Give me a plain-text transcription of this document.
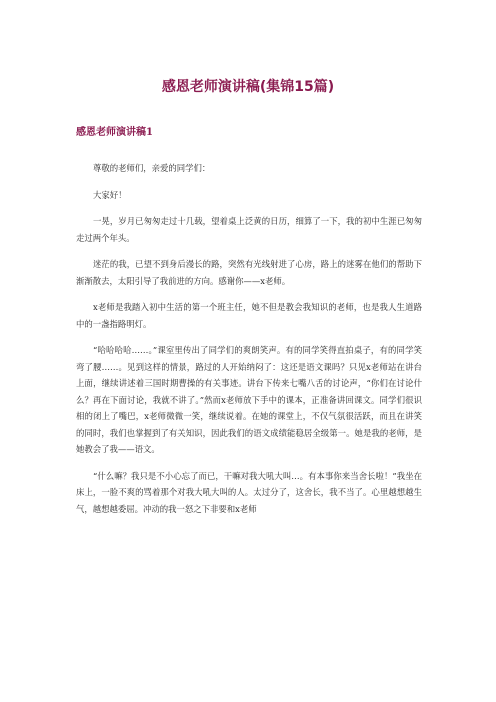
感恩老师演讲稿(集锦15篇)
感恩老师演讲稿1

尊敬的老师们，亲爱的同学们：

大家好！

一晃，岁月已匆匆走过十几载，望着桌上泛黄的日历，细算了一下，我的初中生涯已匆匆走过两个年头。

迷茫的我，已望不到身后漫长的路，突然有光线射进了心房，路上的迷雾在他们的帮助下渐渐散去，太阳引导了我前进的方向。感谢你——x老师。

x老师是我踏入初中生活的第一个班主任，她不但是教会我知识的老师，也是我人生道路中的一盏指路明灯。

“哈哈哈哈……。”课室里传出了同学们的爽朗笑声。有的同学笑得直拍桌子，有的同学笑弯了腰……。见到这样的情景，路过的人开始纳闷了：这还是语文课吗？只见x老师站在讲台上面，继续讲述着三国时期曹操的有关事迹。讲台下传来七嘴八舌的讨论声，“你们在讨论什么？再在下面讨论，我就不讲了。”然而x老师放下手中的课本，正准备讲回课文。同学们很识相的闭上了嘴巴，x老师微微一笑，继续说着。在她的课堂上，不仅气氛很活跃，而且在讲笑的同时，我们也掌握到了有关知识，因此我们的语文成绩能稳居全级第一。她是我的老师，是她教会了我——语文。

“什么嘛？我只是不小心忘了而已，干嘛对我大吼大叫…。有本事你来当舍长啦！”我坐在床上，一脸不爽的骂着那个对我大吼大叫的人。太过分了，这舍长，我不当了。心里越想越生气，越想越委屈。冲动的我一怒之下非要和x老师
